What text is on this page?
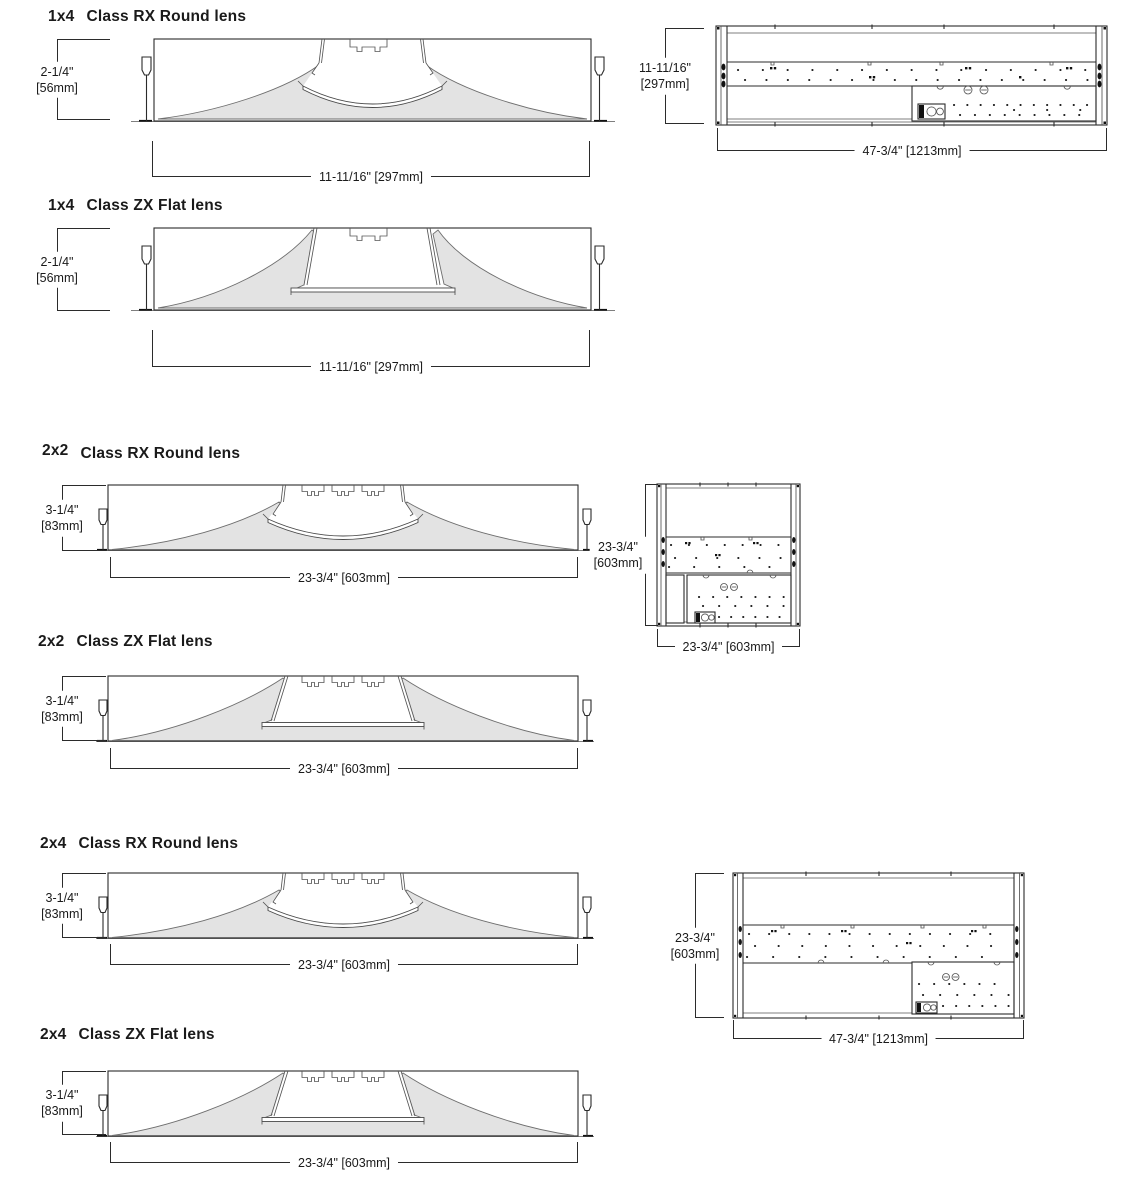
1x4 Class RX Round lens
2-1/4"
[56mm]
11-11/16" [297mm]
11-11/16"
[297mm]
47-3/4" [1213mm]
1x4 Class ZX Flat lens
2-1/4"
[56mm]
11-11/16" [297mm]
2x2 Class RX Round lens
3-1/4"
[83mm]
23-3/4" [603mm]
23-3/4"
[603mm]
23-3/4" [603mm]
2x2 Class ZX Flat lens
3-1/4"
[83mm]
23-3/4" [603mm]
2x4 Class RX Round lens
3-1/4"
[83mm]
23-3/4" [603mm]
23-3/4"
[603mm]
47-3/4" [1213mm]
2x4 Class ZX Flat lens
3-1/4"
[83mm]
23-3/4" [603mm]
